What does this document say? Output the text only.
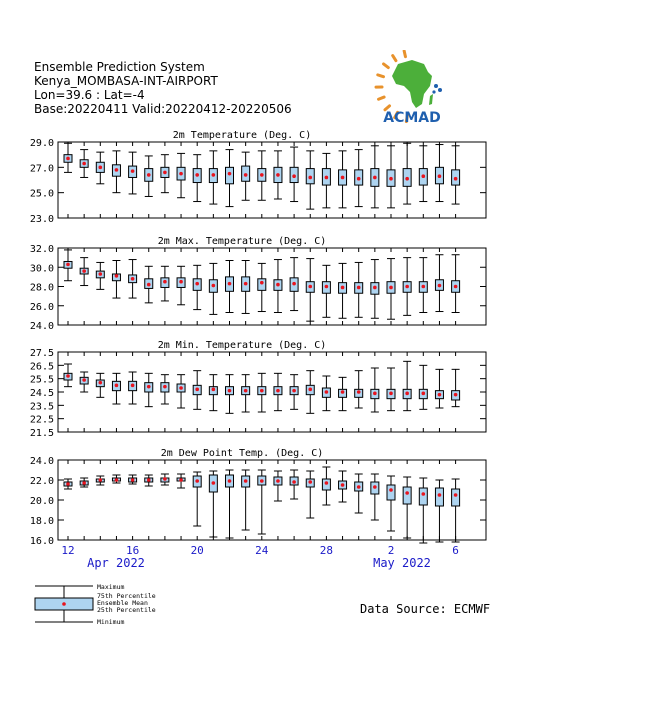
Ensemble Prediction System
Kenya_MOMBASA-INT-AIRPORT
Lon=39.6 : Lat=-4
Base:20220411 Valid:20220412-20220506
ACMAD
2m Temperature (Deg. C)
23.0
25.0
27.0
29.0
2m Max. Temperature (Deg. C)
24.0
26.0
28.0
30.0
32.0
2m Min. Temperature (Deg. C)
21.5
22.5
23.5
24.5
25.5
26.5
27.5
2m Dew Point Temp. (Deg. C)
16.0
18.0
20.0
22.0
24.0
12	16	20	24	28	2	6
Apr 2022	May 2022
Maximum
75th Percentile
Ensemble Mean
25th Percentile
Minimum
Data Source: ECMWF
